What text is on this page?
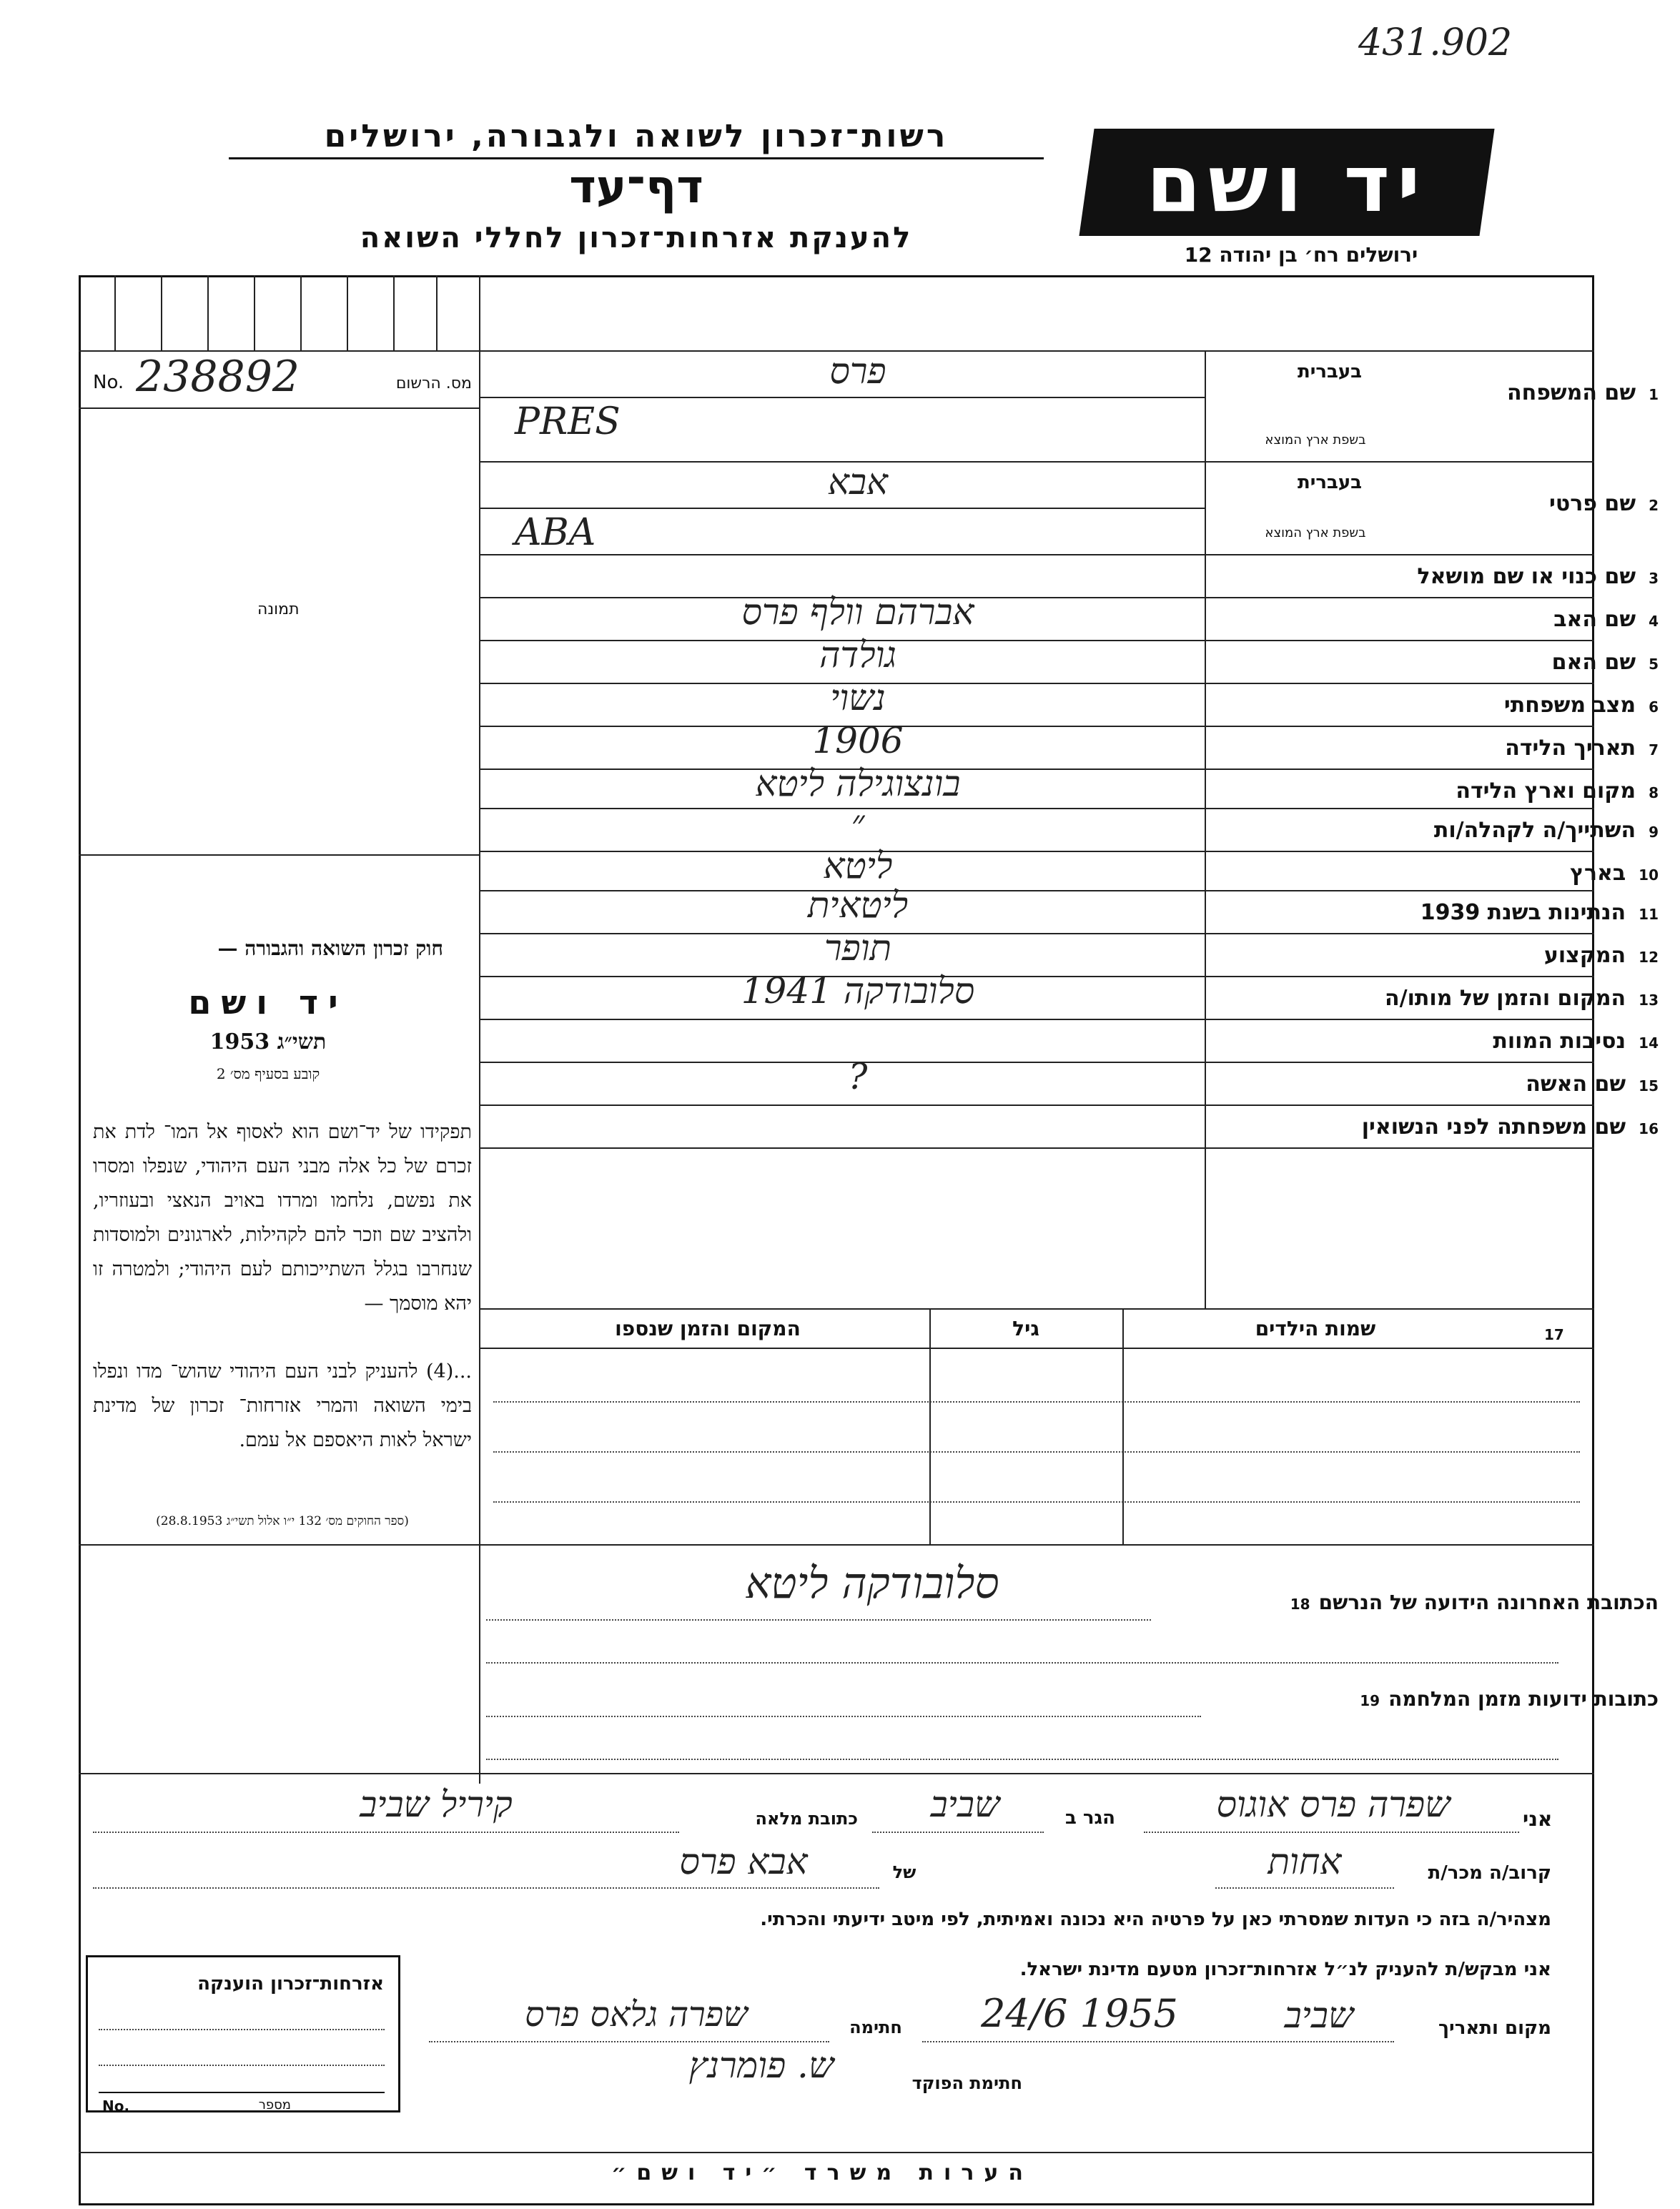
431.902
רשות־זכרון לשואה ולגבורה, ירושלים
דף־עד
להענקת אזרחות־זכרון לחללי השואה
יד ושם
ירושלים רח׳ בן יהודה 12
No. 238892	מס. הרשום
תמונה
חוק זכרון השואה והגבורה —
יד ושם
תשי״ג 1953
קובע בסעיף מס׳ 2
תפקידו של יד־ושם הוא לאסוף אל המו־ לדת את זכרם של כל אלה מבני העם היהודי, שנפלו ומסרו את נפשם, נלחמו ומרדו באויב הנאצי ובעוזריו, ולהציב שם וזכר להם לקהילות, לארגונים ולמוסדות שנחרבו בגלל השתייכותם לעם היהודי; ולמטרה זו יהא מוסמך —
...(4) להעניק לבני העם היהודי שהוש־ מדו ונפלו בימי השואה והמרי אזרחות־ זכרון של מדינת ישראל לאות היאספם אל עמם.
(ספר החוקים מס׳ 132 י״ו אלול תשי״ג 28.8.1953)
1שם המשפחה
בעברית
בשפת ארץ המוצא
פרס
PRES
2שם פרטי
בעברית
בשפת ארץ המוצא
אבא
ABA
3שם כנוי או שם מושאל
4שם האב
אברהם וולף פרס
5שם האם
גולדה
6מצב משפחתי
נשוי
7תאריך הלידה
1906
8מקום וארץ הלידה
בונצוגילה ליטא
9השתייך/ה לקהלה/ות
״
10בארץ
ליטא
11הנתינות בשנת 1939
ליטאית
12המקצוע
תופר
13המקום והזמן של מותו/ה
סלובודקה 1941
14נסיבות המוות
15שם האשה
?
16שם משפחתה לפני הנשואין
17
שמות הילדים
גיל
המקום והזמן שנספו
הכתובת האחרונה הידועה של הנרשם18
סלובודקה ליטא
כתובות ידועות מזמן המלחמה19
אני
שפרה פרס אוגוס
הגר ב
שביב
כתובת מלאה
קיריל שביב
קרוב/ה מכר/ת
אחות
של
אבא פרס
מצהיר/ה בזה כי העדות שמסרתי כאן על פרטיה היא נכונה ואמיתית, לפי מיטב ידיעתי והכרתי.
אני מבקש/ת להעניק לנ״ל אזרחות־זכרון מטעם מדינת ישראל.
מקום ותאריך
שביב
24/6 1955
חתימה
שפרה גלאס פרס
חתימת הפוקד
ש. פומרנץ
אזרחות־זכרון הוענקה
No.	מספר
הערות משרד ״יד ושם״
